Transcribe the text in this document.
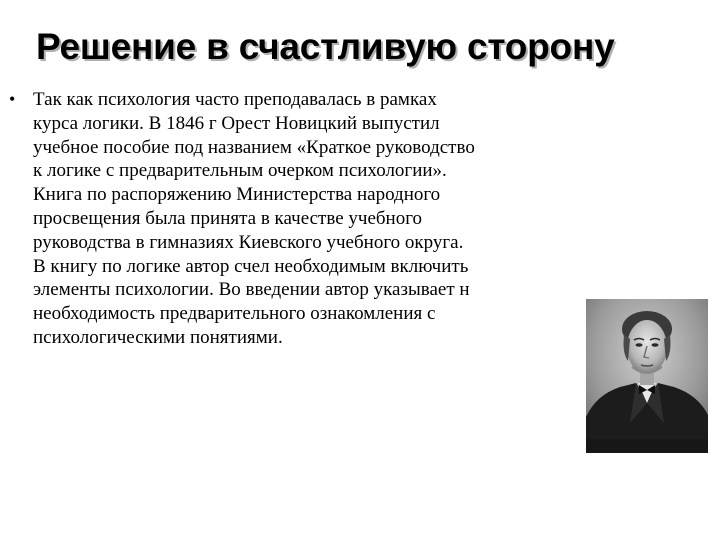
Решение в счастливую сторону
• Так как психология часто преподавалась в рамках
курса логики. В 1846 г Орест Новицкий выпустил
учебное пособие под названием «Краткое руководство
к логике с предварительным очерком психологии».
Книга по распоряжению Министерства народного
просвещения была принята в качестве учебного
руководства в гимназиях Киевского учебного округа.
В книгу по логике автор счел необходимым включить
элементы психологии. Во введении автор указывает н
необходимость предварительного ознакомления с
психологическими понятиями.
